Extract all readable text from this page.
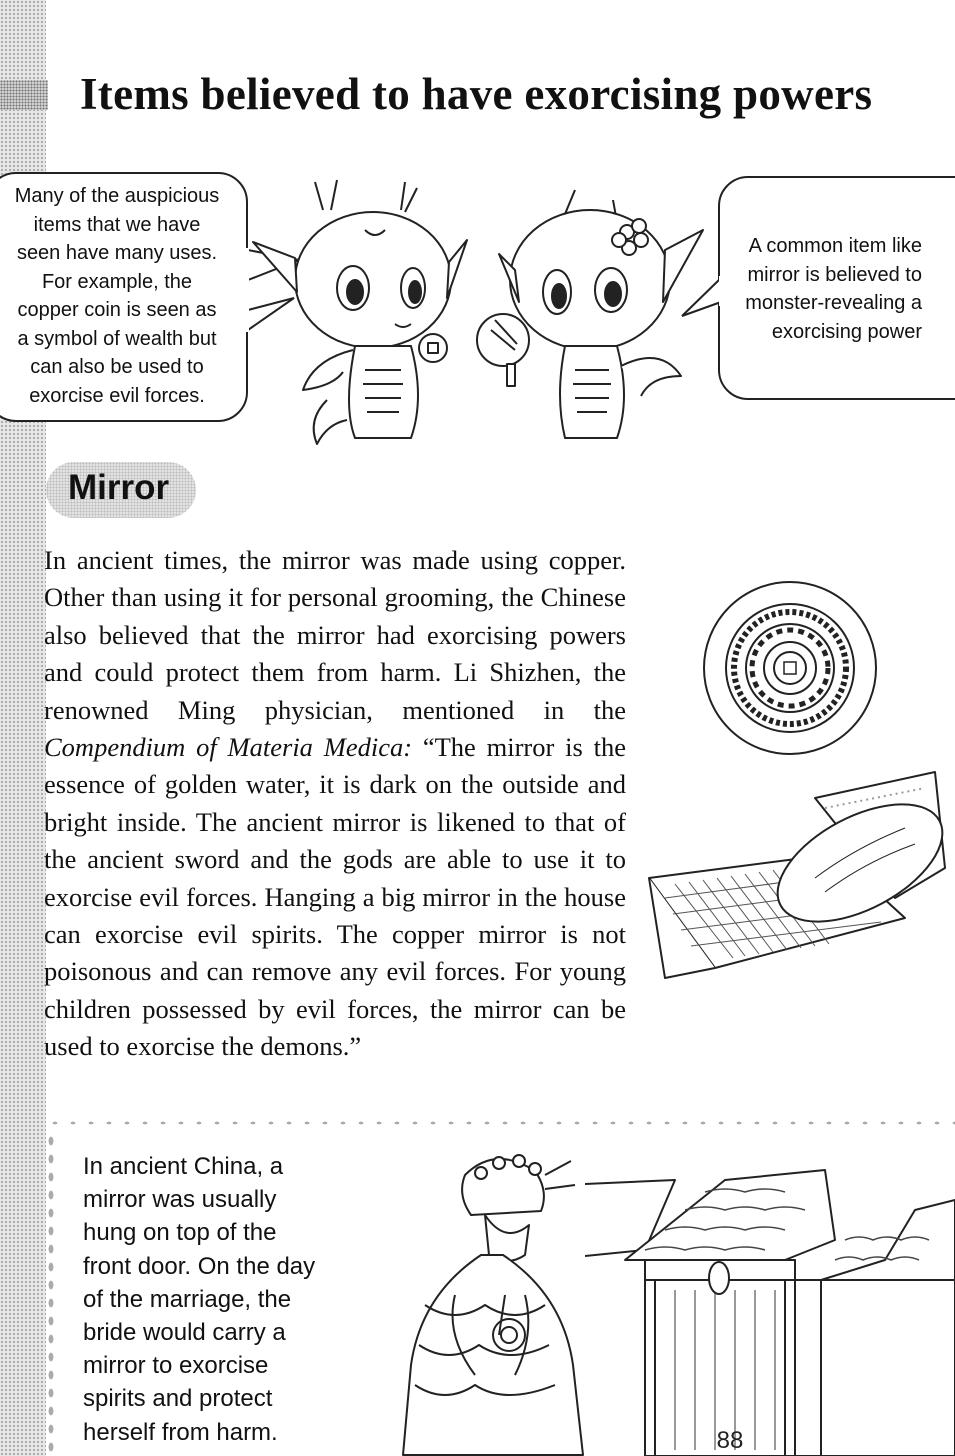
Items believed to have exorcising powers

Many of the auspicious
items that we have
seen have many uses.
For example, the
copper coin is seen as
a symbol of wealth but
can also be used to
exorcise evil forces.

A common item like
mirror is believed to
monster-revealing a
exorcising power

Mirror

In ancient times, the mirror was made using copper. Other than using it for personal grooming, the Chinese also believed that the mirror had exorcising powers and could protect them from harm. Li Shizhen, the renowned Ming physician, mentioned in the Compendium of Materia Medica: “The mirror is the essence of golden water, it is dark on the outside and bright inside. The ancient mirror is likened to that of the ancient sword and the gods are able to use it to exorcise evil forces. Hanging a big mirror in the house can exorcise evil spirits. The copper mirror is not poisonous and can remove any evil forces. For young children possessed by evil forces, the mirror can be used to exorcise the demons.”

In ancient China, a
mirror was usually
hung on top of the
front door. On the day
of the marriage, the
bride would carry a
mirror to exorcise
spirits and protect
herself from harm.	88
